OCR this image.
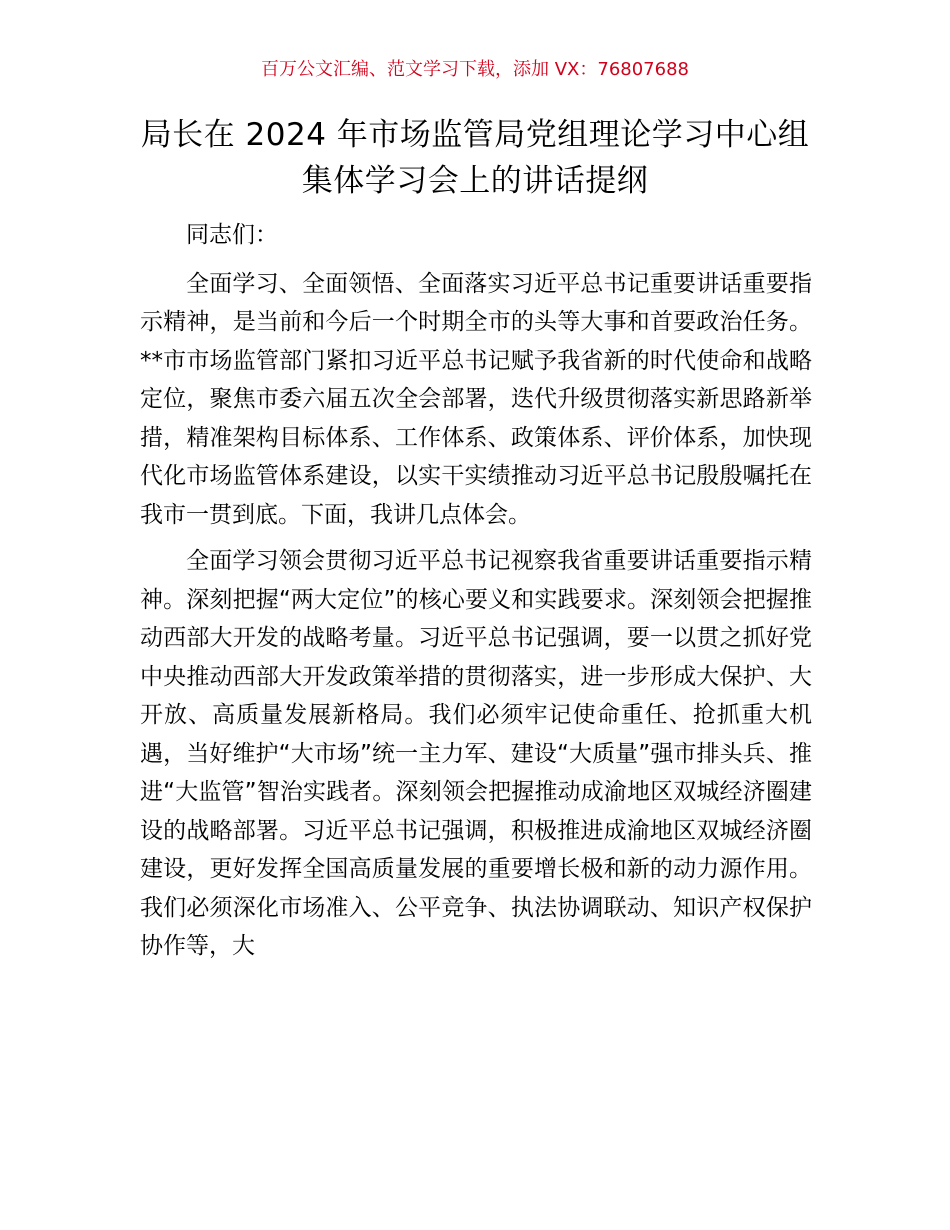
百万公文汇编、范文学习下载，添加 VX：76807688
局长在 2024 年市场监管局党组理论学习中心组
集体学习会上的讲话提纲

同志们：

全面学习、全面领悟、全面落实习近平总书记重要讲话重要指示精神，是当前和今后一个时期全市的头等大事和首要政治任务。**市市场监管部门紧扣习近平总书记赋予我省新的时代使命和战略定位，聚焦市委六届五次全会部署，迭代升级贯彻落实新思路新举措，精准架构目标体系、工作体系、政策体系、评价体系，加快现代化市场监管体系建设，以实干实绩推动习近平总书记殷殷嘱托在我市一贯到底。下面，我讲几点体会。

全面学习领会贯彻习近平总书记视察我省重要讲话重要指示精神。深刻把握“两大定位”的核心要义和实践要求。深刻领会把握推动西部大开发的战略考量。习近平总书记强调，要一以贯之抓好党中央推动西部大开发政策举措的贯彻落实，进一步形成大保护、大开放、高质量发展新格局。我们必须牢记使命重任、抢抓重大机遇，当好维护“大市场”统一主力军、建设“大质量”强市排头兵、推进“大监管”智治实践者。深刻领会把握推动成渝地区双城经济圈建设的战略部署。习近平总书记强调，积极推进成渝地区双城经济圈建设，更好发挥全国高质量发展的重要增长极和新的动力源作用。我们必须深化市场准入、公平竞争、执法协调联动、知识产权保护协作等，大
